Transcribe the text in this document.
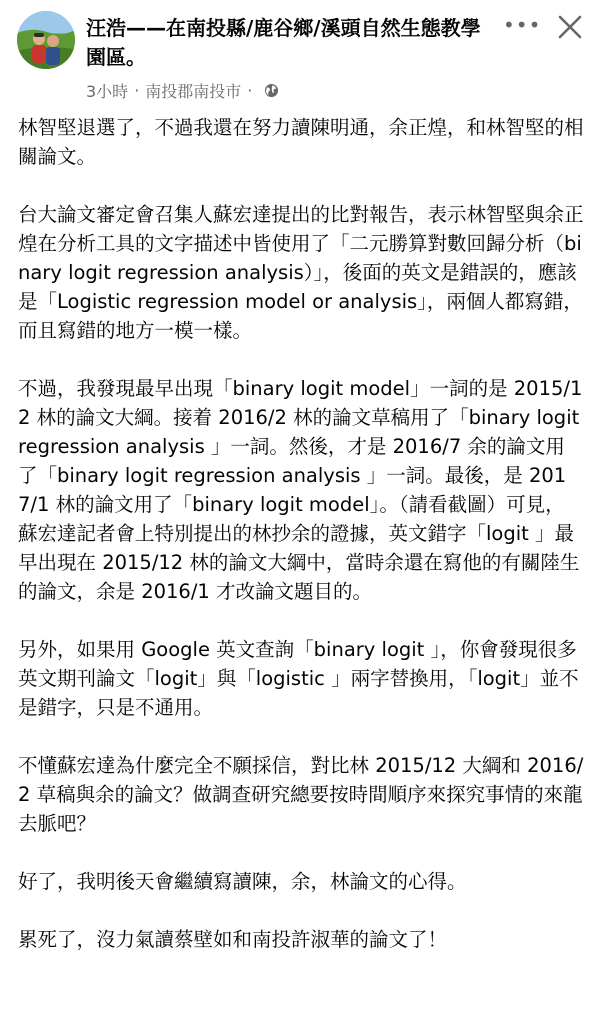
汪浩——在南投縣/鹿谷鄉/溪頭自然生態教學園區。
3小時 · 南投郡南投市 ·
•••

林智堅退選了，不過我還在努力讀陳明通，余正煌，和林智堅的相關論文。

台大論文審定會召集人蘇宏達提出的比對報告，表示林智堅與余正煌在分析工具的文字描述中皆使用了「二元勝算對數回歸分析（binary logit regression analysis）」，後面的英文是錯誤的，應該是「Logistic regression model or analysis」，兩個人都寫錯，而且寫錯的地方一模一樣。

不過，我發現最早出現「binary logit model」一詞的是 2015/12 林的論文大綱。接着 2016/2 林的論文草稿用了「binary logit regression analysis 」一詞。然後，才是 2016/7 余的論文用了「binary logit regression analysis 」一詞。最後，是 2017/1 林的論文用了「binary logit model」。（請看截圖）可見，蘇宏達記者會上特別提出的林抄余的證據，英文錯字「logit 」最早出現在 2015/12 林的論文大綱中，當時余還在寫他的有關陸生的論文，余是 2016/1 才改論文題目的。

另外，如果用 Google 英文查詢「binary logit 」，你會發現很多英文期刊論文「logit」與「logistic 」兩字替換用，「logit」並不是錯字，只是不通用。

不懂蘇宏達為什麼完全不願採信，對比林 2015/12 大綱和 2016/2 草稿與余的論文？做調查研究總要按時間順序來探究事情的來龍去脈吧？

好了，我明後天會繼續寫讀陳，余，林論文的心得。

累死了，沒力氣讀蔡壁如和南投許淑華的論文了！
